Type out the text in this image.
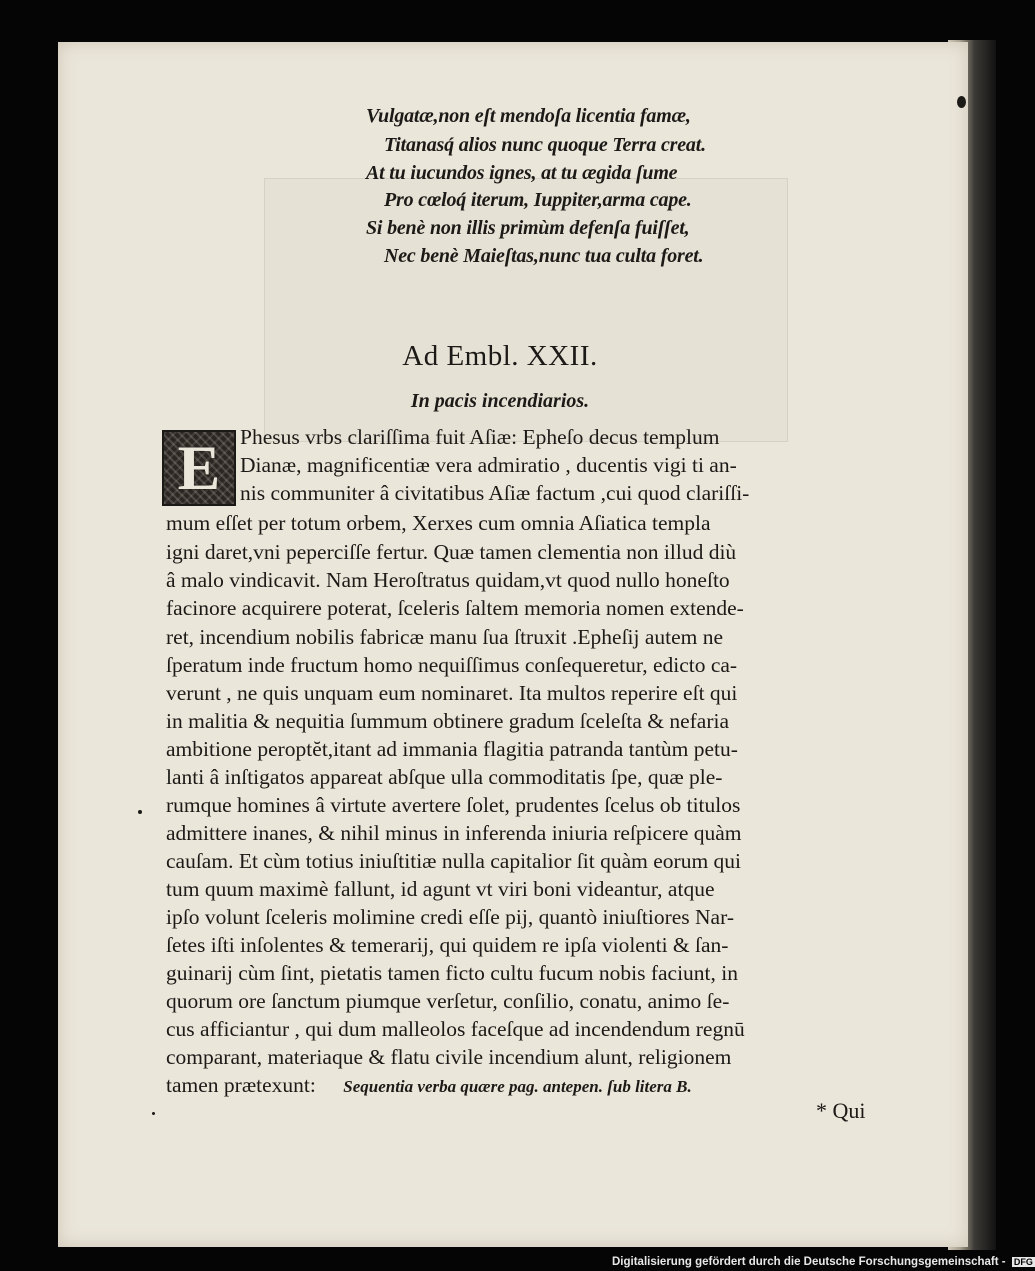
Vulgatæ,non eſt mendoſa licentia famæ,
Titanasq́ alios nunc quoque Terra creat.
At tu iucundos ignes, at tu ægida ſume
Pro cœloq́ iterum, Iuppiter,arma cape.
Si benè non illis primùm defenſa fuiſſet,
Nec benè Maieſtas,nunc tua culta foret.
Ad Embl. XXII.
In pacis incendiarios.
E Phesus vrbs clariſſima fuit Aſiæ: Epheſo decus templum
Dianæ, magnificentiæ vera admiratio , ducentis vigi ti an-
nis communiter â civitatibus Aſiæ factum ,cui quod clariſſi-
mum eſſet per totum orbem, Xerxes cum omnia Aſiatica templa
igni daret,vni peperciſſe fertur. Quæ tamen clementia non illud diù
â malo vindicavit. Nam Heroſtratus quidam,vt quod nullo honeſto
facinore acquirere poterat, ſceleris ſaltem memoria nomen extende-
ret, incendium nobilis fabricæ manu ſua ſtruxit .Epheſij autem ne
ſperatum inde fructum homo nequiſſimus conſequeretur, edicto ca-
verunt , ne quis unquam eum nominaret. Ita multos reperire eſt qui
in malitia & nequitia ſummum obtinere gradum ſceleſta & nefaria
ambitione peroptĕt,itant ad immania flagitia patranda tantùm petu-
lanti â inſtigatos appareat abſque ulla commoditatis ſpe, quæ ple-
rumque homines â virtute avertere ſolet, prudentes ſcelus ob titulos
admittere inanes, & nihil minus in inferenda iniuria reſpicere quàm
cauſam. Et cùm totius iniuſtitiæ nulla capitalior ſit quàm eorum qui
tum quum maximè fallunt, id agunt vt viri boni videantur, atque
ipſo volunt ſceleris molimine credi eſſe pij, quantò iniuſtiores Nar-
ſetes iſti inſolentes & temerarij, qui quidem re ipſa violenti & ſan-
guinarij cùm ſint, pietatis tamen ficto cultu fucum nobis faciunt, in
quorum ore ſanctum piumque verſetur, conſilio, conatu, animo ſe-
cus afficiantur , qui dum malleolos faceſque ad incendendum regnū
comparant, materiaque & flatu civile incendium alunt, religionem
tamen prætexunt: Sequentia verba quære pag. antepen. ſub litera B.
* Qui
Digitalisierung gefördert durch die Deutsche Forschungsgemeinschaft - DFG
